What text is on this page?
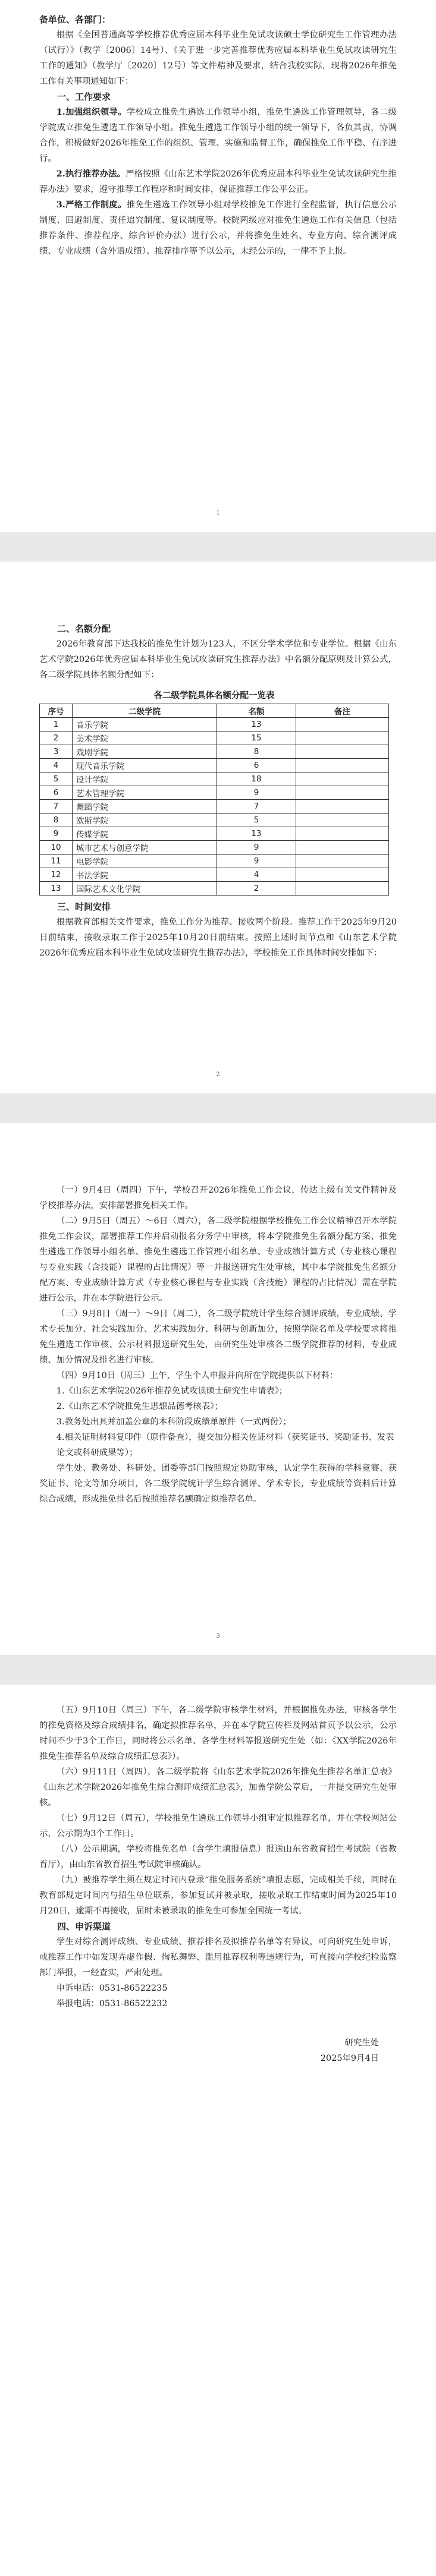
备单位、各部门：

根据《全国普通高等学校推荐优秀应届本科毕业生免试攻读硕士学位研究生工作管理办法（试行）》（教学〔2006〕14号）、《关于进一步完善推荐优秀应届本科毕业生免试攻读研究生工作的通知》（教学厅〔2020〕12号）等文件精神及要求，结合我校实际，现将2026年推免工作有关事项通知如下：

一、工作要求

1.加强组织领导。学校成立推免生遴选工作领导小组，推免生遴选工作管理领导，各二级学院成立推免生遴选工作领导小组。推免生遴选工作领导小组的统一领导下，各负其责，协调合作，积极做好2026年推免工作的组织、管理、实施和监督工作，确保推免工作平稳、有序进行。

2.执行推荐办法。严格按照《山东艺术学院2026年优秀应届本科毕业生免试攻读研究生推荐办法》要求，遵守推荐工作程序和时间安排，保证推荐工作公平公正。

3.严格工作制度。推免生遴选工作领导小组对学校推免工作进行全程监督，执行信息公示制度、回避制度、责任追究制度、复议制度等。校院两级应对推免生遴选工作有关信息（包括推荐条件、推荐程序、综合评价办法）进行公示，并将推免生姓名、专业方向、综合测评成绩、专业成绩（含外语成绩）、推荐排序等予以公示，未经公示的，一律不予上报。

1

二、名额分配

2026年教育部下达我校的推免生计划为123人，不区分学术学位和专业学位。根据《山东艺术学院2026年优秀应届本科毕业生免试攻读研究生推荐办法》中名额分配原则及计算公式，各二级学院具体名额分配如下：

各二级学院具体名额分配一览表
序号	二级学院	名额	备注
1	音乐学院	13	
2	美术学院	15	
3	戏剧学院	8	
4	现代音乐学院	6	
5	设计学院	18	
6	艺术管理学院	9	
7	舞蹈学院	7	
8	欧斯学院	5	
9	传媒学院	13	
10	城市艺术与创意学院	9	
11	电影学院	9	
12	书法学院	4	
13	国际艺术文化学院	2	

三、时间安排

根据教育部相关文件要求，推免工作分为推荐、接收两个阶段。推荐工作于2025年9月20日前结束，接收录取工作于2025年10月20日前结束。按照上述时间节点和《山东艺术学院2026年优秀应届本科毕业生免试攻读研究生推荐办法》，学校推免工作具体时间安排如下：

2

（一）9月4日（周四）下午，学校召开2026年推免工作会议，传达上级有关文件精神及学校推荐办法，安排部署推免相关工作。

（二）9月5日（周五）～6日（周六），各二级学院根据学校推免工作会议精神召开本学院推免工作会议，部署推荐工作并启动报名分务学中审核，将本学院推免生名额分配方案、推免生遴选工作领导小组名单、推免生遴选工作管理小组名单、专业成绩计算方式（专业核心课程与专业实践（含技能）课程的占比情况）等一并报送研究生处审核，其中本学院推免生名额分配方案、专业成绩计算方式（专业核心课程与专业实践（含技能）课程的占比情况）需在学院进行公示，并在本学院进行公示。

（三）9月8日（周一）～9日（周二），各二级学院统计学生综合测评成绩，专业成绩、学术专长加分、社会实践加分、艺术实践加分、科研与创新加分，按照学院名单及学校要求将推免生遴选工作审核、公示材料报送研究生处，由研究生处审核各二级学院推荐的材料，专业成绩、加分情况及排名进行审核。

（四）9月10日（周三）上午，学生个人申报并向所在学院提供以下材料：

1.《山东艺术学院2026年推荐免试攻读硕士研究生申请表》；

2.《山东艺术学院推免生思想品德考核表》；

3.教务处出具并加盖公章的本科阶段成绩单原件（一式两份）；

4.相关证明材料复印件（原件备查），提交加分相关佐证材料（获奖证书、奖励证书、发表论文或科研成果等）；

学生处、教务处、科研处、团委等部门按照规定协助审核，认定学生获得的学科竞赛、获奖证书、论文等加分项目，各二级学院统计学生综合测评、学术专长，专业成绩等资料后计算综合成绩，形成推免排名后按照推荐名额确定拟推荐名单。

3

（五）9月10日（周三）下午，各二级学院审核学生材料，并根据推免办法，审核各学生的推免资格及综合成绩排名，确定拟推荐名单，并在本学院宣传栏及网站首页予以公示，公示时间不少于3个工作日，同时将公示名单、各学生材料等报送研究生处（如：《XX学院2026年推免生推荐名单及综合成绩汇总表》）。

（六）9月11日（周四），各二级学院将《山东艺术学院2026年推免生推荐名单汇总表》《山东艺术学院2026年推免生综合测评成绩汇总表》，加盖学院公章后，一并提交研究生处审核。

（七）9月12日（周五），学校推免生遴选工作领导小组审定拟推荐名单，并在学校网站公示，公示期为3个工作日。

（八）公示期满，学校将推免名单（含学生填报信息）报送山东省教育招生考试院（省教育厅），由山东省教育招生考试院审核确认。

（九）被推荐学生须在规定时间内登录“推免服务系统”填报志愿，完成相关手续，同时在教育部规定时间内与招生单位联系，参加复试并被录取，接收录取工作结束时间为2025年10月20日，逾期不再接收，届时未被录取的推免生可参加全国统一考试。

四、申诉渠道

学生对综合测评成绩、专业成绩、推荐排名及拟推荐名单等有异议，可向研究生处申诉，或推荐工作中如发现弄虚作假、徇私舞弊、滥用推荐权利等违规行为，可直接向学校纪检监察部门举报，一经查实，严肃处理。

申诉电话：0531-86522235

举报电话：0531-86522232

研究生处

2025年9月4日
